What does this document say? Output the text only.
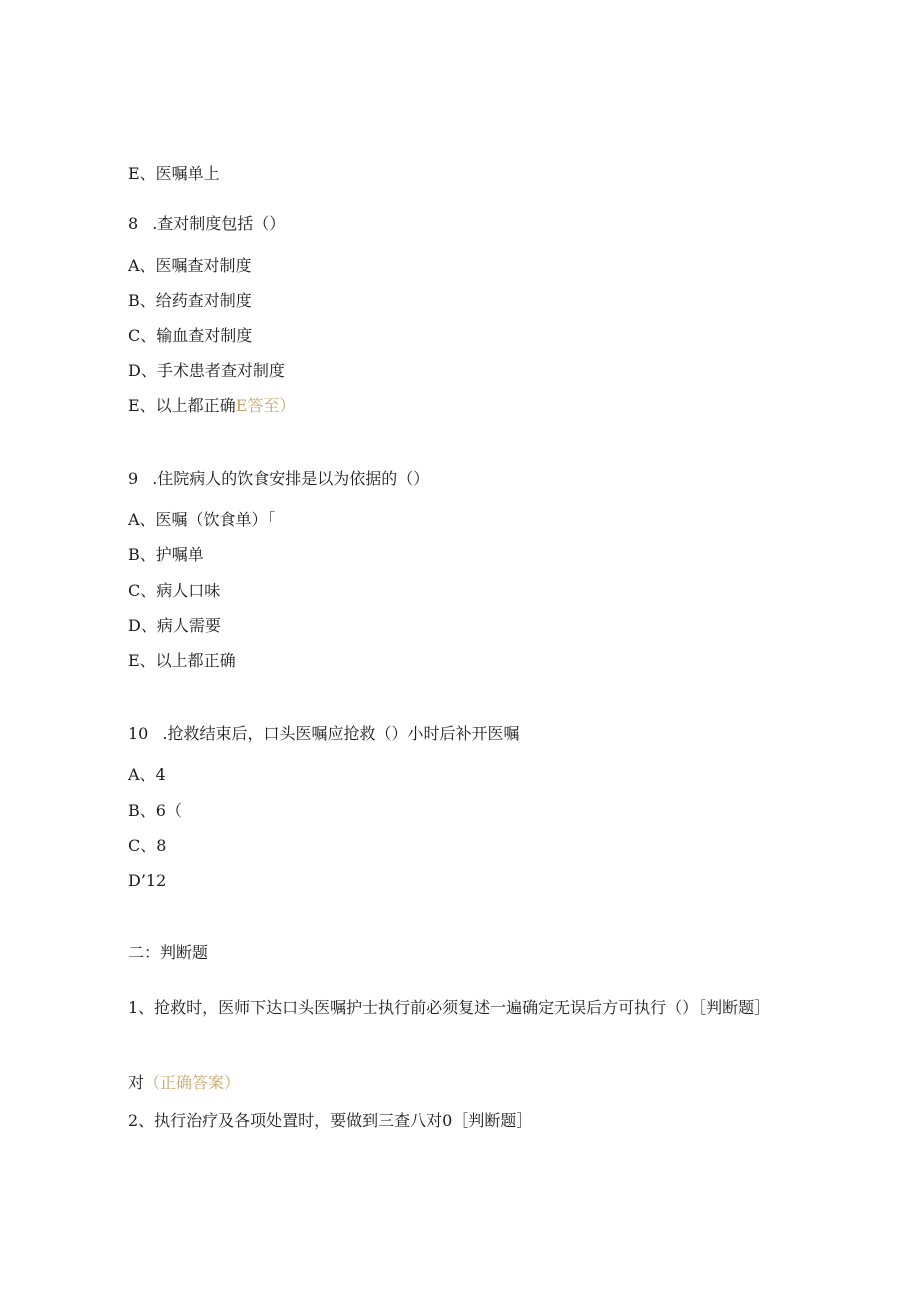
E、医嘱单上
8 .查对制度包括（）
A、医嘱查对制度
B、给药查对制度
C、输血查对制度
D、手术患者查对制度
E、以上都正确E答至）
9 .住院病人的饮食安排是以为依据的（）
A、医嘱（饮食单）「
B、护嘱单
C、病人口味
D、病人需要
E、以上都正确
10 .抢救结束后，口头医嘱应抢救（）小时后补开医嘱
A、4
B、6（
C、8
D’12
二：判断题
1、抢救时，医师下达口头医嘱护士执行前必须复述一遍确定无误后方可执行（）［判断题］
对（正确答案）
2、执行治疗及各项处置时，要做到三查八对0［判断题］
